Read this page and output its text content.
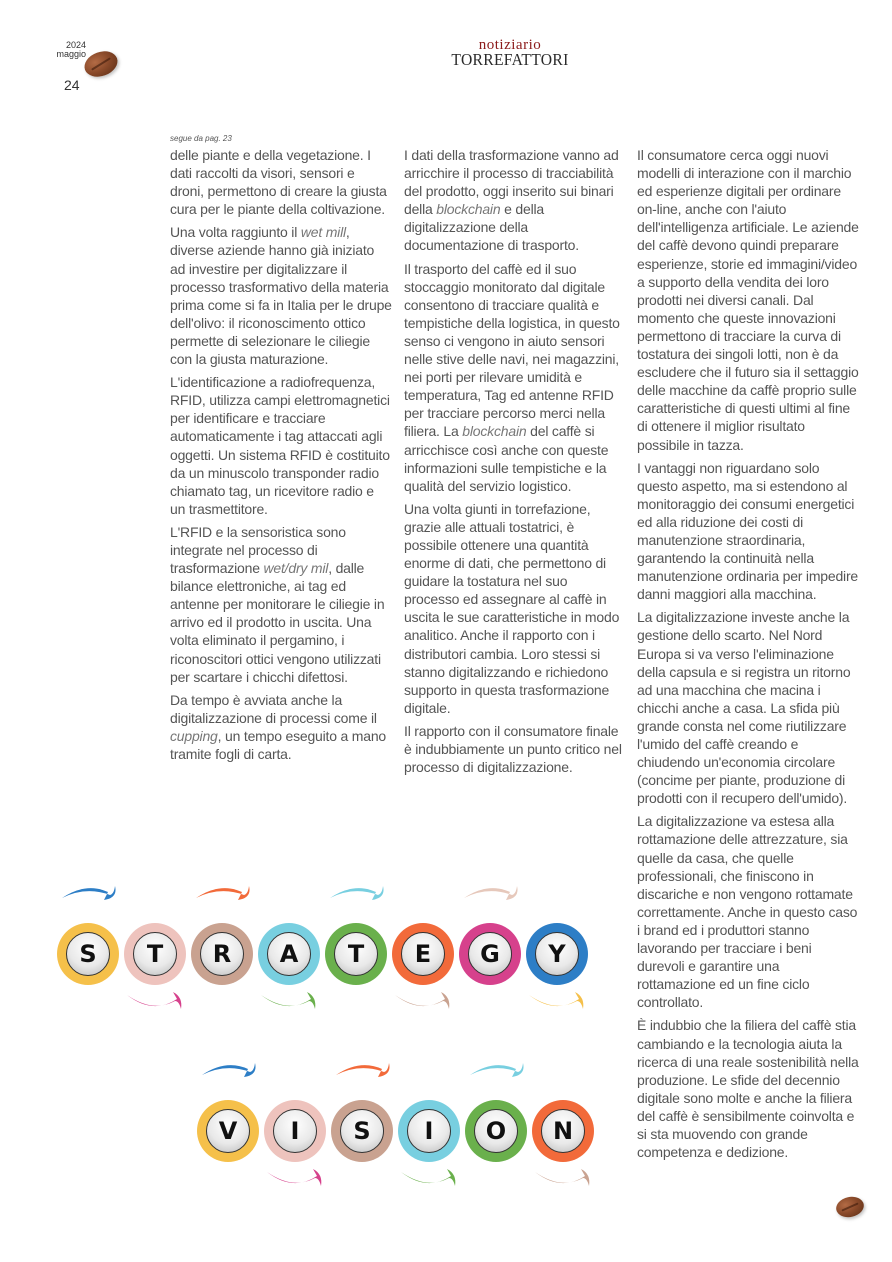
2024
maggio
24
notiziario
TORREFATTORI
segue da pag. 23

delle piante e della vegetazione. I dati raccolti da visori, sensori e droni, permettono di creare la giusta cura per le piante della coltivazione.

Una volta raggiunto il wet mill, diverse aziende hanno già iniziato ad investire per digitalizzare il processo trasformativo della materia prima come si fa in Italia per le drupe dell'olivo: il riconoscimento ottico permette di selezionare le ciliegie con la giusta maturazione.

L'identificazione a radiofrequenza, RFID, utilizza campi elettromagnetici per identificare e tracciare automaticamente i tag attaccati agli oggetti. Un sistema RFID è costituito da un minuscolo transponder radio chiamato tag, un ricevitore radio e un trasmettitore.

L'RFID e la sensoristica sono integrate nel processo di trasformazione wet/dry mil, dalle bilance elettroniche, ai tag ed antenne per monitorare le ciliegie in arrivo ed il prodotto in uscita. Una volta eliminato il pergamino, i riconoscitori ottici vengono utilizzati per scartare i chicchi difettosi.

Da tempo è avviata anche la digitalizzazione di processi come il cupping, un tempo eseguito a mano tramite fogli di carta.

I dati della trasformazione vanno ad arricchire il processo di tracciabilità del prodotto, oggi inserito sui binari della blockchain e della digitalizzazione della documentazione di trasporto.

Il trasporto del caffè ed il suo stoccaggio monitorato dal digitale consentono di tracciare qualità e tempistiche della logistica, in questo senso ci vengono in aiuto sensori nelle stive delle navi, nei magazzini, nei porti per rilevare umidità e temperatura, Tag ed antenne RFID per tracciare percorso merci nella filiera. La blockchain del caffè si arricchisce così anche con queste informazioni sulle tempistiche e la qualità del servizio logistico.

Una volta giunti in torrefazione, grazie alle attuali tostatrici, è possibile ottenere una quantità enorme di dati, che permettono di guidare la tostatura nel suo processo ed assegnare al caffè in uscita le sue caratteristiche in modo analitico. Anche il rapporto con i distributori cambia. Loro stessi si stanno digitalizzando e richiedono supporto in questa trasformazione digitale.

Il rapporto con il consumatore finale è indubbiamente un punto critico nel processo di digitalizzazione.

Il consumatore cerca oggi nuovi modelli di interazione con il marchio ed esperienze digitali per ordinare on-line, anche con l'aiuto dell'intelligenza artificiale. Le aziende del caffè devono quindi preparare esperienze, storie ed immagini/video a supporto della vendita dei loro prodotti nei diversi canali. Dal momento che queste innovazioni permettono di tracciare la curva di tostatura dei singoli lotti, non è da escludere che il futuro sia il settaggio delle macchine da caffè proprio sulle caratteristiche di questi ultimi al fine di ottenere il miglior risultato possibile in tazza.

I vantaggi non riguardano solo questo aspetto, ma si estendono al monitoraggio dei consumi energetici ed alla riduzione dei costi di manutenzione straordinaria, garantendo la continuità nella manutenzione ordinaria per impedire danni maggiori alla macchina.

La digitalizzazione investe anche la gestione dello scarto. Nel Nord Europa si va verso l'eliminazione della capsula e si registra un ritorno ad una macchina che macina i chicchi anche a casa. La sfida più grande consta nel come riutilizzare l'umido del caffè creando e chiudendo un'economia circolare (concime per piante, produzione di prodotti con il recupero dell'umido).

La digitalizzazione va estesa alla rottamazione delle attrezzature, sia quelle da casa, che quelle professionali, che finiscono in discariche e non vengono rottamate correttamente. Anche in questo caso i brand ed i produttori stanno lavorando per tracciare i beni durevoli e garantire una rottamazione ed un fine ciclo controllato.

È indubbio che la filiera del caffè stia cambiando e la tecnologia aiuta la ricerca di una reale sostenibilità nella produzione. Le sfide del decennio digitale sono molte e anche la filiera del caffè è sensibilmente coinvolta e si sta muovendo con grande competenza e dedizione.

S	T	R	A	T	E	G	Y
V	I	S	I	O	N
